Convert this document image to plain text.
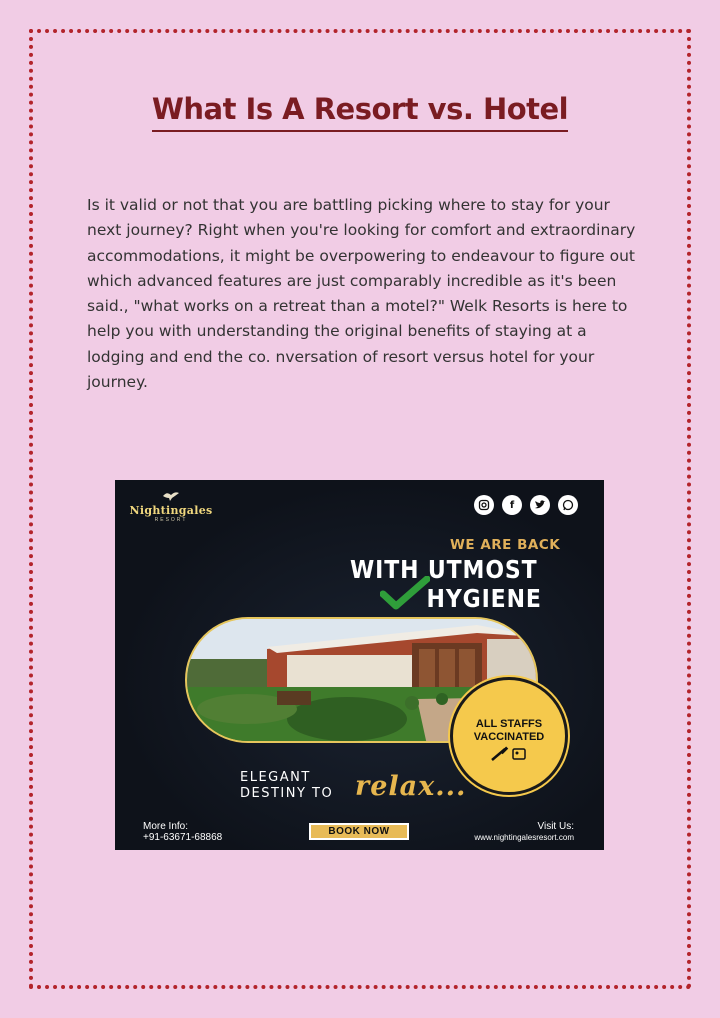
What Is A Resort vs. Hotel

Is it valid or not that you are battling picking where to stay for your next journey? Right when you're looking for comfort and extraordinary accommodations, it might be overpowering to endeavour to figure out which advanced features are just comparably incredible as it's been said., "what works on a retreat than a motel?" Welk Resorts is here to help you with understanding the original benefits of staying at a lodging and end the co. nversation of resort versus hotel for your journey.

Nightingales
RESORT
f
WE ARE BACK
WITH UTMOST
HYGIENE
ALL STAFFS
VACCINATED
ELEGANT
DESTINY TO relax...
More Info:
+91-63671-68868
BOOK NOW	Visit Us:
www.nightingalesresort.com
